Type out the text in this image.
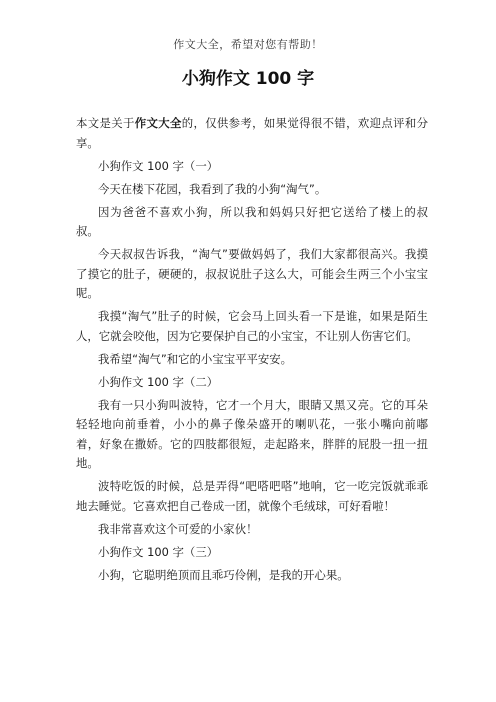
作文大全，希望对您有帮助！
小狗作文 100 字

本文是关于作文大全的，仅供参考，如果觉得很不错，欢迎点评和分享。

小狗作文 100 字（一）

今天在楼下花园，我看到了我的小狗“淘气”。

因为爸爸不喜欢小狗，所以我和妈妈只好把它送给了楼上的叔叔。

今天叔叔告诉我，“淘气”要做妈妈了，我们大家都很高兴。我摸了摸它的肚子，硬硬的，叔叔说肚子这么大，可能会生两三个小宝宝呢。

我摸“淘气”肚子的时候，它会马上回头看一下是谁，如果是陌生人，它就会咬他，因为它要保护自己的小宝宝，不让别人伤害它们。

我希望“淘气”和它的小宝宝平平安安。

小狗作文 100 字（二）

我有一只小狗叫波特，它才一个月大，眼睛又黑又亮。它的耳朵轻轻地向前垂着，小小的鼻子像朵盛开的喇叭花，一张小嘴向前嘟着，好象在撒娇。它的四肢都很短，走起路来，胖胖的屁股一扭一扭地。

波特吃饭的时候，总是弄得“吧嗒吧嗒”地响，它一吃完饭就乖乖地去睡觉。它喜欢把自己卷成一团，就像个毛绒球，可好看啦！

我非常喜欢这个可爱的小家伙！

小狗作文 100 字（三）

小狗，它聪明绝顶而且乖巧伶俐，是我的开心果。
